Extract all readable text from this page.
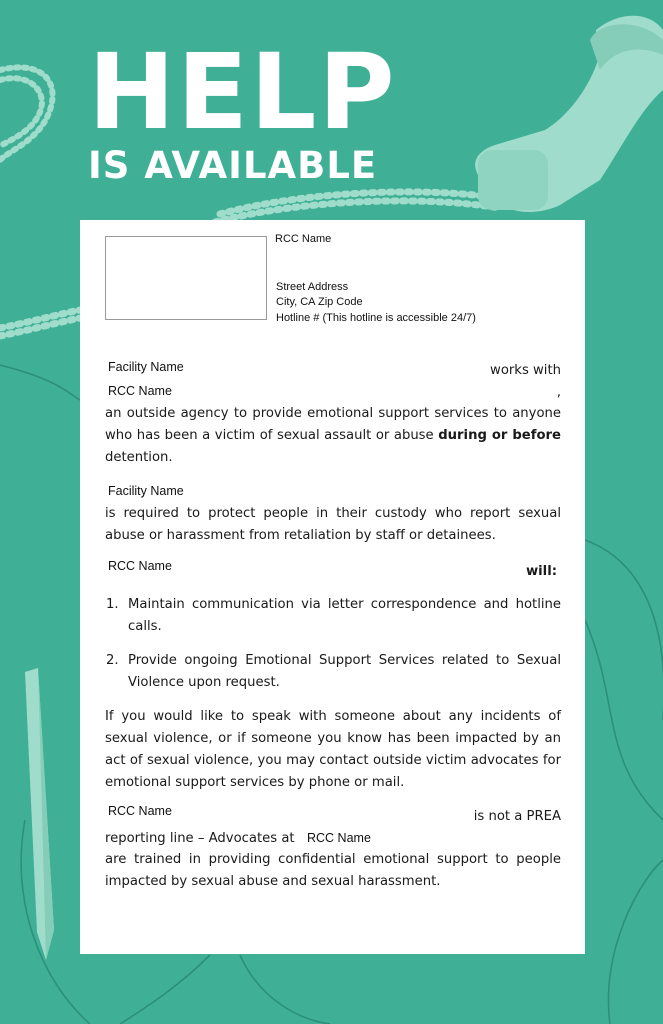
HELP
IS AVAILABLE
RCC Name
Street Address
City, CA Zip Code
Hotline # (This hotline is accessible 24/7)
Facility Name	works with
RCC Name	,
an outside agency to provide emotional support services to anyone who has been a victim of sexual assault or abuse during or before detention.
Facility Name
is required to protect people in their custody who report sexual abuse or harassment from retaliation by staff or detainees.
RCC Name	will:
1. Maintain communication via letter correspondence and hotline calls.
2. Provide ongoing Emotional Support Services related to Sexual Violence upon request.
If you would like to speak with someone about any incidents of sexual violence, or if someone you know has been impacted by an act of sexual violence, you may contact outside victim advocates for emotional support services by phone or mail.
RCC Name	is not a PREA
reporting line – Advocates at RCC Name
are trained in providing confidential emotional support to people impacted by sexual abuse and sexual harassment.
